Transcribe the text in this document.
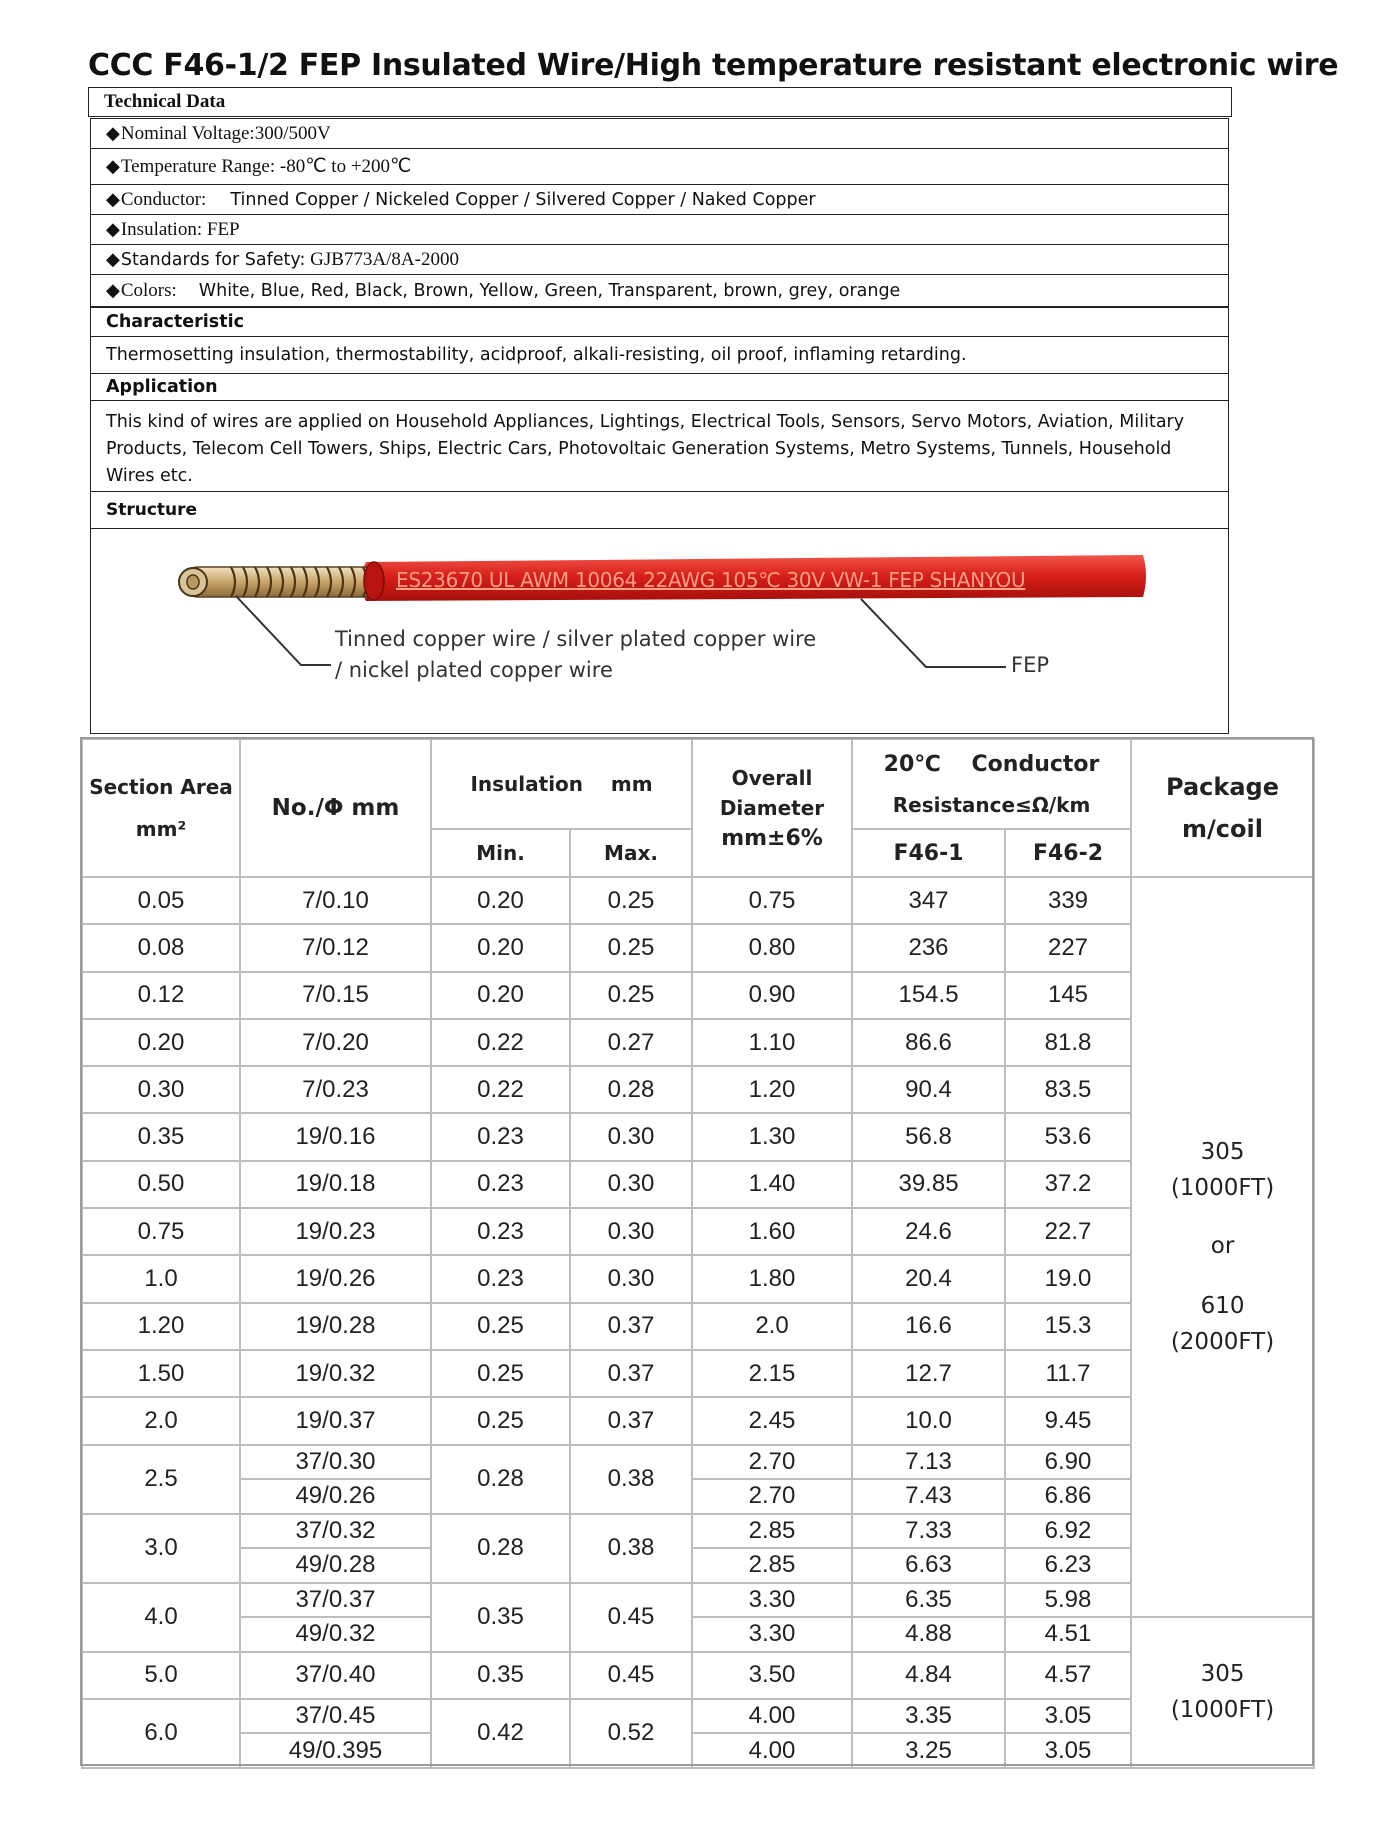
CCC F46-1/2 FEP Insulated Wire/High temperature resistant electronic wire
Technical Data
◆ Nominal Voltage: 300/500V
◆ Temperature Range: -80℃ to +200℃
◆ Conductor: Tinned Copper / Nickeled Copper / Silvered Copper / Naked Copper
◆ Insulation: FEP
◆ Standards for Safety: GJB773A/8A-2000
◆ Colors: White, Blue, Red, Black, Brown, Yellow, Green, Transparent, brown, grey, orange
Characteristic
Thermosetting insulation, thermostability, acidproof, alkali-resisting, oil proof, inflaming retarding.
Application
This kind of wires are applied on Household Appliances, Lightings, Electrical Tools, Sensors, Servo Motors, Aviation, Military Products, Telecom Cell Towers, Ships, Electric Cars, Photovoltaic Generation Systems, Metro Systems, Tunnels, Household Wires etc.
Structure
ES23670 UL AWM 10064 22AWG 105℃ 30V VW-1 FEP SHANYOU
Tinned copper wire / silver plated copper wire
/ nickel plated copper wire	FEP
Section Area
mm²	No./Φ mm	Insulation    mm		Overall
Diameter
mm±6%	20℃    Conductor
Resistance≤Ω/km		Package
m/coil
		Min.	Max.		F46-1	F46-2	
0.05	7/0.10	0.20	0.25	0.75	347	339	305
(1000FT)
or
610
(2000FT)

0.08	7/0.12	0.20	0.25	0.80	236	227	
0.12	7/0.15	0.20	0.25	0.90	154.5	145	
0.20	7/0.20	0.22	0.27	1.10	86.6	81.8	
0.30	7/0.23	0.22	0.28	1.20	90.4	83.5	
0.35	19/0.16	0.23	0.30	1.30	56.8	53.6	
0.50	19/0.18	0.23	0.30	1.40	39.85	37.2	
0.75	19/0.23	0.23	0.30	1.60	24.6	22.7	
1.0	19/0.26	0.23	0.30	1.80	20.4	19.0	
1.20	19/0.28	0.25	0.37	2.0	16.6	15.3	
1.50	19/0.32	0.25	0.37	2.15	12.7	11.7	
2.0	19/0.37	0.25	0.37	2.45	10.0	9.45	
2.5	37/0.30	0.28	0.38	2.70	7.13	6.90	
	49/0.26			2.70	7.43	6.86	
3.0	37/0.32	0.28	0.38	2.85	7.33	6.92	
	49/0.28			2.85	6.63	6.23	
4.0	37/0.37	0.35	0.45	3.30	6.35	5.98	
	49/0.32			3.30	4.88	4.51	305
(1000FT)

5.0	37/0.40	0.35	0.45	3.50	4.84	4.57	
6.0	37/0.45	0.42	0.52	4.00	3.35	3.05	
	49/0.395			4.00	3.25	3.05	
